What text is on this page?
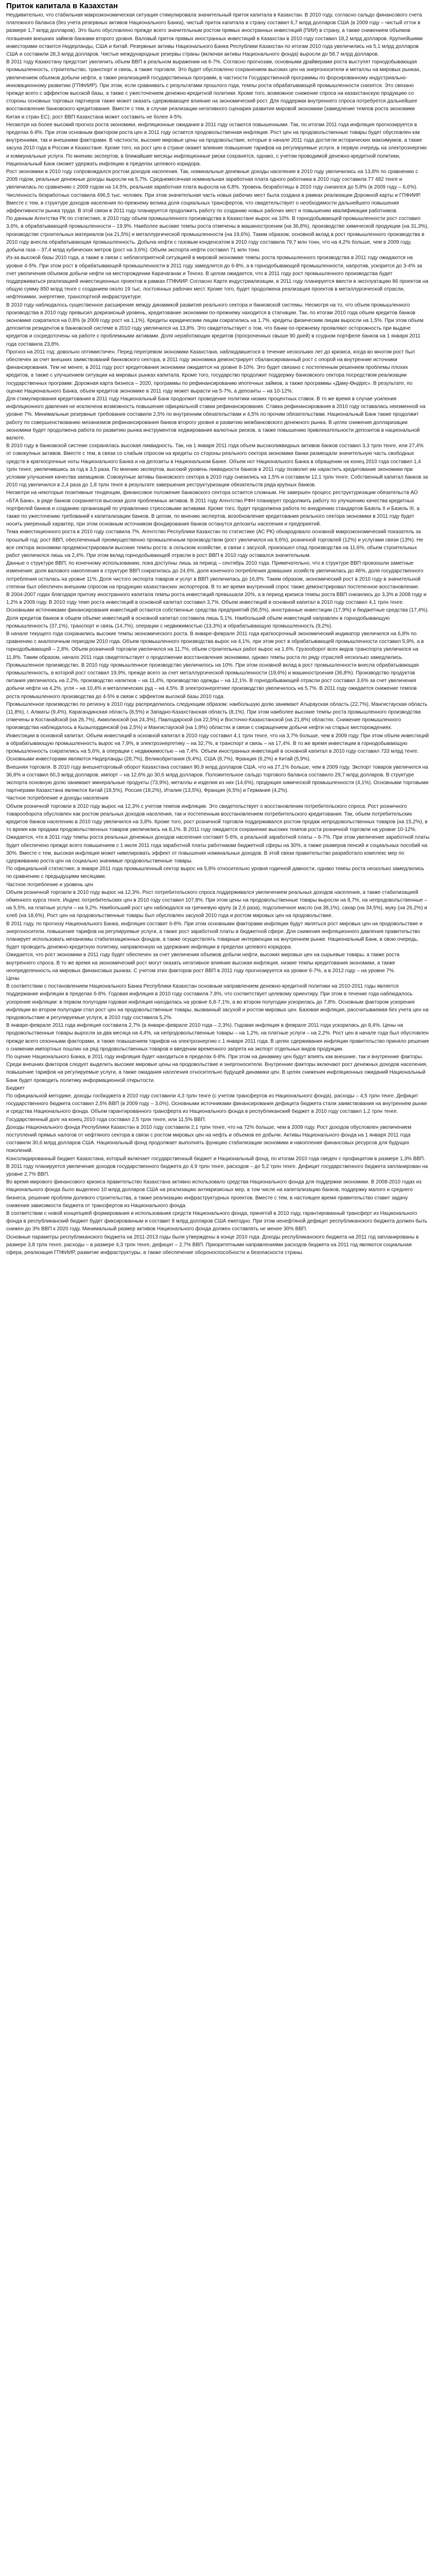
Приток капитала в Казахстан

Неудивительно, что стабильная макроэкономическая ситуация стимулировала значительный приток капитала в Казахстан. В 2010 году, согласно сальдо финансового счета платежного баланса (без учета резервных активов Национального Банка), чистый приток капитала в страну составил 6,7 млрд долларов США (в 2009 году – чистый отток в размере 1,7 млрд долларов). Это было обусловлено прежде всего значительным ростом прямых иностранных инвестиций (ПИИ) в страну, а также снижением объемов погашения внешних займов банками второго уровня. Валовый приток прямых иностранных инвестиций в Казахстан в 2010 году составил 18,2 млрд долларов. Крупнейшими инвесторами остаются Нидерланды, США и Китай. Резервные активы Национального Банка Республики Казахстан по итогам 2010 года увеличились на 5,1 млрд долларов США и составили 28,3 млрд долларов. Чистые международные резервы страны (включая активы Национального фонда) выросли до 58,7 млрд долларов.

В 2011 году Казахстану предстоит увеличить объем ВВП в реальном выражении на 6-7%. Согласно прогнозам, основными драйверами роста выступят горнодобывающая промышленность, строительство, транспорт и связь, а также торговля. Это будет обусловлено сохранением высоких цен на энергоносители и металлы на мировых рынках, увеличением объемов добычи нефти, а также реализацией государственных программ, в частности Государственной программы по форсированному индустриально-инновационному развитию (ГПФИИР). При этом, если сравнивать с результатами прошлого года, темпы роста обрабатывающей промышленности снизятся. Это связано прежде всего с эффектом высокой базы, а также с ужесточением денежно-кредитной политики. Кроме того, возможное снижение спроса на казахстанскую продукцию со стороны основных торговых партнеров также может оказать сдерживающее влияние на экономический рост. Для поддержки внутреннего спроса потребуется дальнейшее восстановление банковского кредитования. Вместе с тем, в случае реализации негативного сценария развития мировой экономики (замедление темпов роста экономики Китая и стран ЕС), рост ВВП Казахстана может составить не более 4-5%.

Несмотря на более высокий прогноз роста экономики, инфляционные ожидания в 2011 году остаются повышенными. Так, по итогам 2011 года инфляция прогнозируется в пределах 6-8%. При этом основным фактором роста цен в 2011 году остается продовольственная инфляция. Рост цен на продовольственные товары будет обусловлен как внутренними, так и внешними факторами. В частности, высокие мировые цены на продовольствие, которые в начале 2011 года достигли исторических максимумов, а также засуха 2010 года в России и Казахстане. Кроме того, на рост цен в стране окажет влияние повышение тарифов на регулируемые услуги, в первую очередь на электроэнергию и коммунальные услуги. По мнению экспертов, в ближайшие месяцы инфляционные риски сохранятся, однако, с учетом проводимой денежно-кредитной политики, Национальный Банк сможет удержать инфляцию в пределах целевого коридора.

Рост экономики в 2010 году сопровождался ростом доходов населения. Так, номинальные денежные доходы населения в 2010 году увеличились на 13,8% по сравнению с 2009 годом, реальные денежные доходы выросли на 5,7%. Среднемесячная номинальная заработная плата одного работника в 2010 году составила 77 482 тенге и увеличилась по сравнению с 2009 годом на 14,5%, реальная заработная плата выросла на 6,8%. Уровень безработицы в 2010 году снизился до 5,8% (в 2009 году – 6,6%). Численность безработных составила 496,5 тыс. человек. При этом значительная часть новых рабочих мест была создана в рамках реализации Дорожной карты и ГПФИИР. Вместе с тем, в структуре доходов населения по-прежнему велика доля социальных трансфертов, что свидетельствует о необходимости дальнейшего повышения эффективности рынка труда. В этой связи в 2011 году планируется продолжить работу по созданию новых рабочих мест и повышению квалификации работников.

По данным Агентства РК по статистике, в 2010 году объем промышленного производства в Казахстане вырос на 10%. В горнодобывающей промышленности рост составил 3,6%, в обрабатывающей промышленности – 19,9%. Наиболее высокие темпы роста отмечены в машиностроении (на 36,8%), производстве химической продукции (на 31,3%), производстве строительных материалов (на 21,5%) и металлургической промышленности (на 19,6%). Таким образом, основной вклад в рост промышленного производства в 2010 году внесла обрабатывающая промышленность. Добыча нефти с газовым конденсатом в 2010 году составила 79,7 млн тонн, что на 4,2% больше, чем в 2009 году, добыча газа – 37,4 млрд кубических метров (рост на 3,6%). Объем экспорта нефти составил 71 млн тонн.

Из-за высокой базы 2010 года, а также в связи с неблагоприятной ситуацией в мировой экономике темпы роста промышленного производства в 2011 году ожидаются на уровне 4-5%. При этом рост в обрабатывающей промышленности в 2011 году замедлится до 6-8%, а в горнодобывающей промышленности, напротив, ускорится до 3-4% за счет увеличения объемов добычи нефти на месторождении Карачаганак и Тенгиз. В целом ожидается, что в 2011 году рост промышленного производства будет поддерживаться реализацией инвестиционных проектов в рамках ГПФИИР. Согласно Карте индустриализации, в 2011 году планируется ввести в эксплуатацию 86 проектов на общую сумму 850 млрд тенге с созданием около 19 тыс. постоянных рабочих мест. Кроме того, будет продолжена реализация проектов в металлургической отрасли, нефтехимии, энергетике, транспортной инфраструктуре.

В 2010 году наблюдалось существенное расширение между динамикой развития реального сектора и банковской системы. Несмотря на то, что объем промышленного производства в 2010 году превысил докризисный уровень, кредитование экономики по-прежнему находится в стагнации. Так, по итогам 2010 года объем кредитов банков экономике сократился на 0,8% (в 2009 году рост на 1,1%). Кредиты юридическим лицам сократились на 1,7%, кредиты физическим лицам выросли на 1,5%. При этом объем депозитов резидентов в банковской системе в 2010 году увеличился на 13,8%. Это свидетельствует о том, что банки по-прежнему проявляют осторожность при выдаче кредитов и сосредоточены на работе с проблемными активами. Доля неработающих кредитов (просроченных свыше 90 дней) в ссудном портфеле банков на 1 января 2011 года составила 23,8%.

Прогноз на 2011 год: довольно оптимистичен. Перед перегревом экономики Казахстана, наблюдавшегося в течение нескольких лет до кризиса, когда во многом рост был обеспечен за счет внешних заимствований банковского сектора, в 2011 году экономика демонстрирует сбалансированный рост с опорой на внутренние источники финансирования. Тем не менее, в 2011 году рост кредитования экономики ожидается на уровне 8-10%. Это будет связано с постепенным решением проблемы плохих кредитов, а также с улучшением ситуации на мировых рынках капитала. Кроме того, государство продолжит поддержку банковского сектора посредством реализации государственных программ: Дорожная карта бизнеса – 2020, программы по рефинансированию ипотечных займов, а также программы «Даму-Өндіріс». В результате, по оценке Национального Банка, объем кредитов экономике в 2011 году может вырасти на 5-7%, а депозиты – на 10-12%.

Для стимулирования кредитования в 2011 году Национальный Банк продолжит проведение политики низких процентных ставок. В то же время в случае усиления инфляционного давления не исключена возможность повышения официальной ставки рефинансирования. Ставка рефинансирования в 2010 году оставалась неизменной на уровне 7%. Минимальные резервные требования составили 2,5% по внутренним обязательствам и 4,5% по прочим обязательствам. Национальный Банк также продолжит работу по совершенствованию механизмов рефинансирования банков второго уровня и развитию межбанковского денежного рынка. В целях снижения долларизации экономики будет продолжена работа по развитию рынка инструментов хеджирования валютных рисков, а также повышению привлекательности депозитов в национальной валюте.

В 2010 году в банковской системе сохранялась высокая ликвидность. Так, на 1 января 2011 года объем высоколиквидных активов банков составил 3,3 трлн тенге, или 27,4% от совокупных активов. Вместе с тем, в связи со слабым спросом на кредиты со стороны реального сектора экономики банки размещали значительную часть свободных средств в краткосрочные ноты Национального Банка и на депозиты в Национальном Банке. Объем нот Национального Банка в обращении на конец 2010 года составил 1,4 трлн тенге, увеличившись за год в 3,5 раза. По мнению экспертов, высокий уровень ликвидности банков в 2011 году позволит им нарастить кредитование экономики при условии улучшения качества заемщиков. Совокупные активы банковского сектора в 2010 году снизились на 1,5% и составили 12,1 трлн тенге. Собственный капитал банков за 2010 год увеличился в 2,4 раза до 1,8 трлн тенге в результате завершения реструктуризации обязательств ряда крупных банков.

Несмотря на некоторые позитивные тенденции, финансовое положение банковского сектора остается сложным. Не завершен процесс реструктуризации обязательств АО «БТА Банк», в ряде банков сохраняется высокая доля проблемных активов. В 2011 году Агентство РФН планирует продолжить работу по улучшению качества кредитных портфелей банков и созданию организаций по управлению стрессовыми активами. Кроме того, будет продолжена работа по внедрению стандартов Базель II и Базель III, а также по ужесточению требований к капитализации банков. В целом, по мнению экспертов, возобновление кредитования реального сектора экономики в 2011 году будет носить умеренный характер, при этом основным источником фондирования банков останутся депозиты населения и предприятий.

Тема инвестиционного роста в 2010 году составила 7%. Агентство Республики Казахстан по статистике (АС РК) обнародовало основной макроэкономический показатель за прошлый год: рост ВВП, обеспеченный преимущественно промышленным производством (рост увеличился на 9,6%), розничной торговлей (12%) и услугами связи (13%). Не все сектора экономики продемонстрировали высокие темпы роста: в сельском хозяйстве, в связи с засухой, произошел спад производства на 11,6%, объем строительных работ увеличился лишь на 2,4%. При этом вклад горнодобывающей отрасли в рост ВВП в 2010 году оставался значительным.

Данные о структуре ВВП, по конечному использованию, пока доступны лишь за период – сентябрь 2010 года. Примечательно, что в структуре ВВП произошли заметные изменения: доля валового накопления в структуре ВВП сократилась до 24,6%, доля конечного потребления домашних хозяйств увеличилась до 46%, доля государственного потребления осталась на уровне 11%. Доля чистого экспорта товаров и услуг в ВВП увеличилась до 16,8%. Таким образом, экономический рост в 2010 году в значительной степени был обеспечен внешним спросом на продукцию казахстанских экспортеров. В то же время внутренний спрос также демонстрировал постепенное восстановление.

В 2004-2007 годах благодаря притоку иностранного капитала темпы роста инвестиций превышали 20%, а в период кризиса темпы роста ВВП снизились до 3,3% в 2008 году и 1,2% в 2009 году. В 2010 году темп роста инвестиций в основной капитал составил 3,7%. Объем инвестиций в основной капитал в 2010 году составил 4,1 трлн тенге. Основными источниками финансирования инвестиций остаются собственные средства предприятий (56,5%), иностранные инвестиции (17,9%) и бюджетные средства (17,4%). Доля кредитов банков в общем объеме инвестиций в основной капитал составила лишь 5,1%. Наибольший объем инвестиций направлен в горнодобывающую промышленность (37,1%), транспорт и связь (14,7%), операции с недвижимостью (13,3%) и обрабатывающую промышленность (9,2%).

В начале текущего года сохранились высокие темпы экономического роста. В январе-феврале 2011 года краткосрочный экономический индикатор увеличился на 6,8% по сравнению с аналогичным периодом 2010 года. Объем промышленного производства вырос на 4,1%, при этом рост в обрабатывающей промышленности составил 5,9%, а в горнодобывающей – 2,8%. Объем розничной торговли увеличился на 11,7%, объем строительных работ вырос на 1,6%. Грузооборот всех видов транспорта увеличился на 11,8%. Таким образом, начало 2011 года свидетельствует о продолжении восстановления экономики, однако темпы роста по ряду отраслей несколько замедлились.

Промышленное производство. В 2010 году промышленное производство увеличилось на 10%. При этом основной вклад в рост промышленности внесла обрабатывающая промышленность, в которой рост составил 19,9%, прежде всего за счет металлургической промышленности (19,6%) и машиностроения (36,8%). Производство продуктов питания увеличилось на 2,2%, производство напитков – на 11,4%, производство одежды – на 12,1%. В горнодобывающей отрасли рост составил 3,6% за счет увеличения добычи нефти на 4,2%, угля – на 10,4% и металлических руд – на 4,5%. В электроэнергетике производство увеличилось на 5,7%. В 2011 году ожидается снижение темпов роста промышленного производства до 4-5% в связи с эффектом высокой базы 2010 года.

Промышленное производство по региону в 2010 году распределилось следующим образом: наибольшую долю занимают Атырауская область (22,7%), Мангистауская область (11,8%), г. Алматы (9,4%), Карагандинская область (8,5%) и Западно-Казахстанская область (8,1%). При этом наиболее высокие темпы роста промышленного производства отмечены в Костанайской (на 26,7%), Акмолинской (на 24,3%), Павлодарской (на 22,5%) и Восточно-Казахстанской (на 21,8%) областях. Снижение промышленного производства наблюдалось в Кызылординской (на 2,5%) и Мангистауской (на 1,9%) областях в связи с сокращением добычи нефти на старых месторождениях.

Инвестиции в основной капитал. Объем инвестиций в основной капитал в 2010 году составил 4,1 трлн тенге, что на 3,7% больше, чем в 2009 году. При этом объем инвестиций в обрабатывающую промышленность вырос на 7,9%, в электроэнергетику – на 32,7%, в транспорт и связь – на 17,4%. В то же время инвестиции в горнодобывающую промышленность сократились на 5,6%, в операции с недвижимостью – на 7,4%. Объем иностранных инвестиций в основной капитал в 2010 году составил 733 млрд тенге. Основными инвесторами являются Нидерланды (28,7%), Великобритания (9,4%), США (8,7%), Франция (6,2%) и Китай (5,9%).

Внешняя торговля. В 2010 году внешнеторговый оборот Казахстана составил 90,9 млрд долларов США, что на 27,1% больше, чем в 2009 году. Экспорт товаров увеличился на 36,8% и составил 60,3 млрд долларов, импорт – на 12,6% до 30,6 млрд долларов. Положительное сальдо торгового баланса составило 29,7 млрд долларов. В структуре экспорта основную долю занимают минеральные продукты (73,9%), металлы и изделия из них (14,6%), продукция химической промышленности (4,1%). Основными торговыми партнерами Казахстана являются Китай (18,5%), Россия (18,2%), Италия (13,5%), Франция (6,5%) и Германия (4,2%).

Частное потребление и доходы населения

Объем розничной торговли в 2010 году вырос на 12,3% с учетом темпов инфляции. Это свидетельствует о восстановлении потребительского спроса. Рост розничного товарооборота обусловлен как ростом реальных доходов населения, так и постепенным восстановлением потребительского кредитования. Так, объем потребительских кредитов банков населению в 2010 году увеличился на 3,8%. Кроме того, рост розничной торговли поддерживался ростом продаж непродовольственных товаров (на 15,2%), в то время как продажи продовольственных товаров увеличились на 8,1%. В 2011 году ожидается сохранение высоких темпов роста розничной торговли на уровне 10-12%.

Ожидается, что в 2011 году темпы роста реальных денежных доходов населения составят 5-6%, а реальной заработной платы – 6-7%. При этом увеличение заработной платы будет обеспечено прежде всего повышением с 1 июля 2011 года заработной платы работникам бюджетной сферы на 30%, а также размеров пенсий и социальных пособий на 30%. Вместе с тем, высокая инфляция может нивелировать эффект от повышения номинальных доходов. В этой связи правительство разработало комплекс мер по сдерживанию роста цен на социально значимые продовольственные товары.

По официальной статистике, в январе 2011 года промышленный сектор вырос на 5,8% относительно уровня годичной давности, однако темпы роста несколько замедлились по сравнению с предыдущими месяцами.

Частное потребление и уровень цен

Объем розничной торговли в 2010 году вырос на 12,3%. Рост потребительского спроса поддерживался увеличением реальных доходов населения, а также стабилизацией обменного курса тенге. Индекс потребительских цен в 2010 году составил 107,8%. При этом цены на продовольственные товары выросли на 8,7%, на непродовольственные – на 5,5%, на платные услуги – на 9,2%. Наибольший рост цен наблюдался на гречневую крупу (в 2,6 раза), подсолнечное масло (на 38,1%), сахар (на 34,5%), муку (на 26,2%) и хлеб (на 18,6%). Рост цен на продовольственные товары был обусловлен засухой 2010 года и ростом мировых цен на продовольствие.

В 2011 году, по прогнозу Национального Банка, инфляция составит 6-8%. При этом основными факторами инфляции будут являться рост мировых цен на продовольствие и энергоносители, повышение тарифов на регулируемые услуги, а также рост заработной платы в бюджетной сфере. Для снижения инфляционного давления правительство планирует использовать механизмы стабилизационных фондов, а также осуществлять товарные интервенции на внутреннем рынке. Национальный Банк, в свою очередь, будет проводить денежно-кредитную политику, направленную на удержание инфляции в пределах целевого коридора.

Ожидается, что рост экономики в 2011 году будет обеспечен за счет увеличения объемов добычи нефти, высоких мировых цен на сырьевые товары, а также роста внутреннего спроса. В то же время на экономический рост могут оказать негативное влияние высокая инфляция, низкие темпы кредитования экономики, а также неопределенность на мировых финансовых рынках. С учетом этих факторов рост ВВП в 2011 году прогнозируется на уровне 6-7%, а в 2012 году – на уровне 7%.

Цены

В соответствии с постановлением Национального Банка Республики Казахстан основным направлением денежно-кредитной политики на 2010-2011 годы является поддержание инфляции в пределах 6-8%. Годовая инфляция в 2010 году составила 7,8%, что соответствует целевому ориентиру. При этом в течение года наблюдалось ускорение инфляции: в первом полугодии годовая инфляция находилась на уровне 6,8-7,1%, а во втором полугодии ускорилась до 7,8%. Основным фактором ускорения инфляции во втором полугодии стал рост цен на продовольственные товары, вызванный засухой и ростом мировых цен. Базовая инфляция, рассчитываемая без учета цен на продовольствие и регулируемые услуги, в 2010 году составила 5,2%.

В январе-феврале 2011 года инфляция составила 2,7% (в январе-феврале 2010 года – 2,3%). Годовая инфляция в феврале 2011 года ускорилась до 8,4%. Цены на продовольственные товары выросли за два месяца на 4,4%, на непродовольственные товары – на 1,2%, на платные услуги – на 2,2%. Рост цен в начале года был обусловлен прежде всего сезонными факторами, а также повышением тарифов на электроэнергию с 1 января 2011 года. В целях сдерживания инфляции правительство приняло решение о снижении импортных пошлин на ряд продовольственных товаров и введении временного запрета на экспорт отдельных видов продукции.

По оценке Национального Банка, в 2011 году инфляция будет находиться в пределах 6-8%. При этом на динамику цен будут влиять как внешние, так и внутренние факторы. Среди внешних факторов следует выделить высокие мировые цены на продовольствие и энергоносители. Внутренние факторы включают рост денежных доходов населения, повышение тарифов на регулируемые услуги, а также ожидания населения относительно будущей динамики цен. В целях снижения инфляционных ожиданий Национальный Банк будет проводить политику информационной открытости.

Бюджет

По официальной методике, доходы госбюджета в 2010 году составили 4,3 трлн тенге (с учетом трансфертов из Национального фонда), расходы – 4,5 трлн тенге. Дефицит государственного бюджета составил 2,5% ВВП (в 2009 году – 3,0%). Основными источниками финансирования дефицита бюджета стали заимствования на внутреннем рынке и средства Национального фонда. Объем гарантированного трансферта из Национального фонда в республиканский бюджет в 2010 году составил 1,2 трлн тенге. Государственный долг на конец 2010 года составил 2,5 трлн тенге, или 11,5% ВВП.

Доходы Национального фонда Республики Казахстан в 2010 году составили 2,1 трлн тенге, что на 72% больше, чем в 2009 году. Рост доходов обусловлен увеличением поступлений прямых налогов от нефтяного сектора в связи с ростом мировых цен на нефть и объемов ее добычи. Активы Национального фонда на 1 января 2011 года составили 30,6 млрд долларов США. Национальный фонд продолжает выполнять функцию стабилизации экономики и накопления финансовых ресурсов для будущих поколений.

Консолидированный бюджет Казахстана, который включает государственный бюджет и Национальный фонд, по итогам 2010 года сведен с профицитом в размере 1,3% ВВП. В 2011 году планируется увеличение доходов государственного бюджета до 4,9 трлн тенге, расходов – до 5,2 трлн тенге. Дефицит государственного бюджета запланирован на уровне 2,7% ВВП.

Во время мирового финансового кризиса правительство Казахстана активно использовало средства Национального фонда для поддержки экономики. В 2008-2010 годах из Национального фонда было выделено 10 млрд долларов США на реализацию антикризисных мер, в том числе на капитализацию банков, поддержку малого и среднего бизнеса, решение проблем долевого строительства, а также реализацию инфраструктурных проектов. Вместе с тем, в настоящее время правительство ставит задачу снижения зависимости бюджета от трансфертов из Национального фонда.

В соответствии с новой концепцией формирования и использования средств Национального фонда, принятой в 2010 году, гарантированный трансферт из Национального фонда в республиканский бюджет будет фиксированным и составит 8 млрд долларов США ежегодно. При этом ненефтяной дефицит республиканского бюджета должен быть снижен до 3% ВВП к 2020 году. Минимальный размер активов Национального фонда должен составлять не менее 30% ВВП.

Основные параметры республиканского бюджета на 2011-2013 годы были утверждены в конце 2010 года. Доходы республиканского бюджета на 2011 год запланированы в размере 3,8 трлн тенге, расходы – в размере 4,3 трлн тенге, дефицит – 2,7% ВВП. Приоритетными направлениями расходов бюджета на 2011 год являются социальная сфера, реализация ГПФИИР, развитие инфраструктуры, а также обеспечение обороноспособности и безопасности страны.
